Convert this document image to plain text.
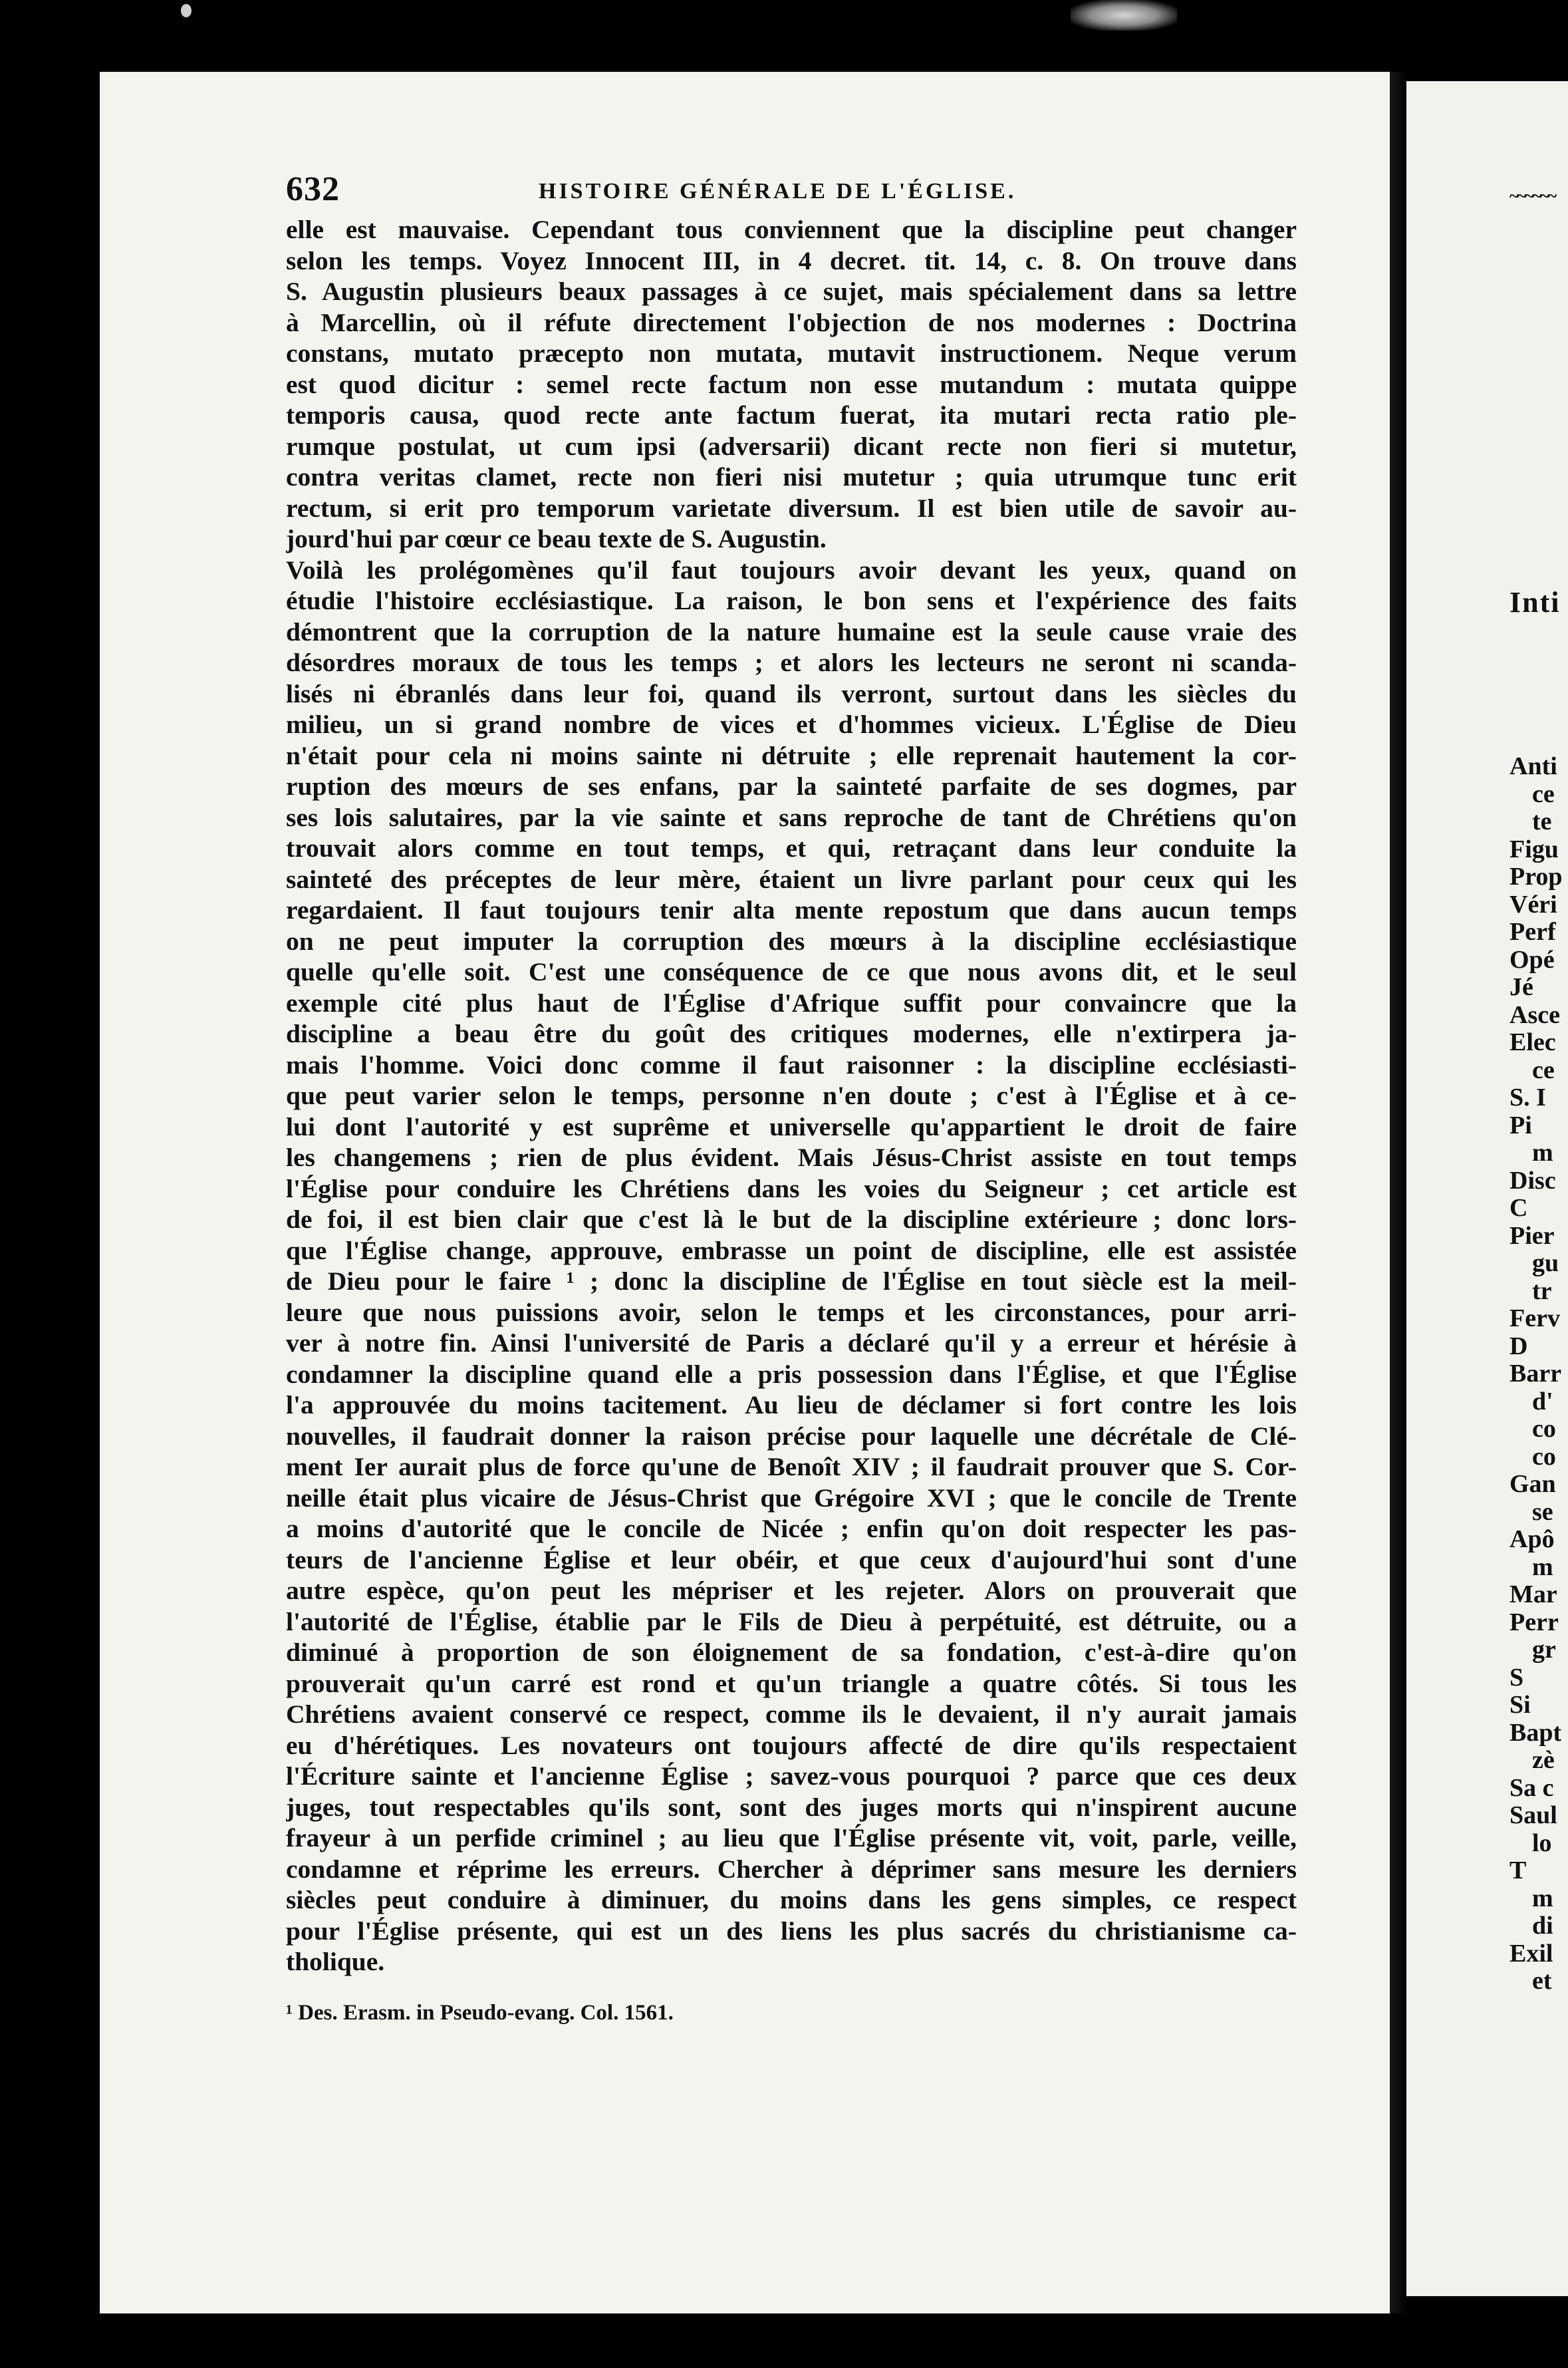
632	HISTOIRE GÉNÉRALE DE L'ÉGLISE.
elle est mauvaise. Cependant tous conviennent que la discipline peut changer
selon les temps. Voyez Innocent III, in 4 decret. tit. 14, c. 8. On trouve dans
S. Augustin plusieurs beaux passages à ce sujet, mais spécialement dans sa lettre
à Marcellin, où il réfute directement l'objection de nos modernes : Doctrina
constans, mutato præcepto non mutata, mutavit instructionem. Neque verum
est quod dicitur : semel recte factum non esse mutandum : mutata quippe
temporis causa, quod recte ante factum fuerat, ita mutari recta ratio ple-
rumque postulat, ut cum ipsi (adversarii) dicant recte non fieri si mutetur,
contra veritas clamet, recte non fieri nisi mutetur ; quia utrumque tunc erit
rectum, si erit pro temporum varietate diversum. Il est bien utile de savoir au-
jourd'hui par cœur ce beau texte de S. Augustin.
Voilà les prolégomènes qu'il faut toujours avoir devant les yeux, quand on
étudie l'histoire ecclésiastique. La raison, le bon sens et l'expérience des faits
démontrent que la corruption de la nature humaine est la seule cause vraie des
désordres moraux de tous les temps ; et alors les lecteurs ne seront ni scanda-
lisés ni ébranlés dans leur foi, quand ils verront, surtout dans les siècles du
milieu, un si grand nombre de vices et d'hommes vicieux. L'Église de Dieu
n'était pour cela ni moins sainte ni détruite ; elle reprenait hautement la cor-
ruption des mœurs de ses enfans, par la sainteté parfaite de ses dogmes, par
ses lois salutaires, par la vie sainte et sans reproche de tant de Chrétiens qu'on
trouvait alors comme en tout temps, et qui, retraçant dans leur conduite la
sainteté des préceptes de leur mère, étaient un livre parlant pour ceux qui les
regardaient. Il faut toujours tenir alta mente repostum que dans aucun temps
on ne peut imputer la corruption des mœurs à la discipline ecclésiastique
quelle qu'elle soit. C'est une conséquence de ce que nous avons dit, et le seul
exemple cité plus haut de l'Église d'Afrique suffit pour convaincre que la
discipline a beau être du goût des critiques modernes, elle n'extirpera ja-
mais l'homme. Voici donc comme il faut raisonner : la discipline ecclésiasti-
que peut varier selon le temps, personne n'en doute ; c'est à l'Église et à ce-
lui dont l'autorité y est suprême et universelle qu'appartient le droit de faire
les changemens ; rien de plus évident. Mais Jésus-Christ assiste en tout temps
l'Église pour conduire les Chrétiens dans les voies du Seigneur ; cet article est
de foi, il est bien clair que c'est là le but de la discipline extérieure ; donc lors-
que l'Église change, approuve, embrasse un point de discipline, elle est assistée
de Dieu pour le faire ¹ ; donc la discipline de l'Église en tout siècle est la meil-
leure que nous puissions avoir, selon le temps et les circonstances, pour arri-
ver à notre fin. Ainsi l'université de Paris a déclaré qu'il y a erreur et hérésie à
condamner la discipline quand elle a pris possession dans l'Église, et que l'Église
l'a approuvée du moins tacitement. Au lieu de déclamer si fort contre les lois
nouvelles, il faudrait donner la raison précise pour laquelle une décrétale de Clé-
ment Ier aurait plus de force qu'une de Benoît XIV ; il faudrait prouver que S. Cor-
neille était plus vicaire de Jésus-Christ que Grégoire XVI ; que le concile de Trente
a moins d'autorité que le concile de Nicée ; enfin qu'on doit respecter les pas-
teurs de l'ancienne Église et leur obéir, et que ceux d'aujourd'hui sont d'une
autre espèce, qu'on peut les mépriser et les rejeter. Alors on prouverait que
l'autorité de l'Église, établie par le Fils de Dieu à perpétuité, est détruite, ou a
diminué à proportion de son éloignement de sa fondation, c'est-à-dire qu'on
prouverait qu'un carré est rond et qu'un triangle a quatre côtés. Si tous les
Chrétiens avaient conservé ce respect, comme ils le devaient, il n'y aurait jamais
eu d'hérétiques. Les novateurs ont toujours affecté de dire qu'ils respectaient
l'Écriture sainte et l'ancienne Église ; savez-vous pourquoi ? parce que ces deux
juges, tout respectables qu'ils sont, sont des juges morts qui n'inspirent aucune
frayeur à un perfide criminel ; au lieu que l'Église présente vit, voit, parle, veille,
condamne et réprime les erreurs. Chercher à déprimer sans mesure les derniers
siècles peut conduire à diminuer, du moins dans les gens simples, ce respect
pour l'Église présente, qui est un des liens les plus sacrés du christianisme ca-
tholique.
¹ Des. Erasm. in Pseudo-evang. Col. 1561.
~~~~~~
Inti
Anti
ce
te
Figu
Prop
Véri
Perf
Opé
Jé
Asce
Elec
ce
S. I
Pi
m
Disc
C
Pier
gu
tr
Ferv
D
Barr
d'
co
co
Gan
se
Apô
m
Mar
Perr
gr
S
Si
Bapt
zè
Sa c
Saul
lo
T
m
di
Exil
et
